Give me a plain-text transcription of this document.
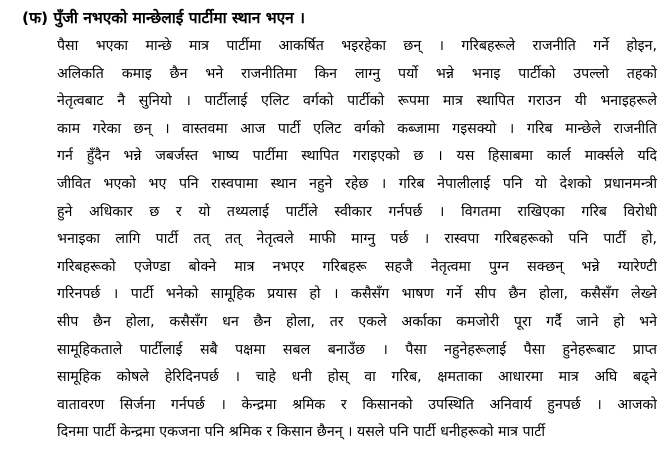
(फ) पुँजी नभएको मान्छेलाई पार्टीमा स्थान भएन ।
पैसा भएका मान्छे मात्र पार्टीमा आकर्षित भइरहेका छन् । गरिबहरूले राजनीति गर्ने होइन,
अलिकति कमाइ छैन भने राजनीतिमा किन लाग्नु पर्यो भन्ने भनाइ पार्टीको उपल्लो तहको
नेतृत्वबाट नै सुनियो । पार्टीलाई एलिट वर्गको पार्टीको रूपमा मात्र स्थापित गराउन यी भनाइहरूले
काम गरेका छन् । वास्तवमा आज पार्टी एलिट वर्गको कब्जामा गइसक्यो । गरिब मान्छेले राजनीति
गर्न हुँदैन भन्ने जबर्जस्त भाष्य पार्टीमा स्थापित गराइएको छ । यस हिसाबमा कार्ल मार्क्सले यदि
जीवित भएको भए पनि रास्वपामा स्थान नहुने रहेछ । गरिब नेपालीलाई पनि यो देशको प्रधानमन्त्री
हुने अधिकार छ र यो तथ्यलाई पार्टीले स्वीकार गर्नपर्छ । विगतमा राखिएका गरिब विरोधी
भनाइका लागि पार्टी तत् तत् नेतृत्वले माफी माग्नु पर्छ । रास्वपा गरिबहरूको पनि पार्टी हो,
गरिबहरूको एजेण्डा बोक्ने मात्र नभएर गरिबहरू सहजै नेतृत्वमा पुग्न सक्छन् भन्ने ग्यारेण्टी
गरिनपर्छ । पार्टी भनेको सामूहिक प्रयास हो । कसैसँग भाषण गर्ने सीप छैन होला, कसैसँग लेख्ने
सीप छैन होला, कसैसँग धन छैन होला, तर एकले अर्काका कमजोरी पूरा गर्दै जाने हो भने
सामूहिकताले पार्टीलाई सबै पक्षमा सबल बनाउँछ । पैसा नहुनेहरूलाई पैसा हुनेहरूबाट प्राप्त
सामूहिक कोषले हेरिदिनपर्छ । चाहे धनी होस् वा गरिब, क्षमताका आधारमा मात्र अघि बढ्ने
वातावरण सिर्जना गर्नपर्छ । केन्द्रमा श्रमिक र किसानको उपस्थिति अनिवार्य हुनपर्छ । आजको
दिनमा पार्टी केन्द्रमा एकजना पनि श्रमिक र किसान छैनन् । यसले पनि पार्टी धनीहरूको मात्र पार्टी
